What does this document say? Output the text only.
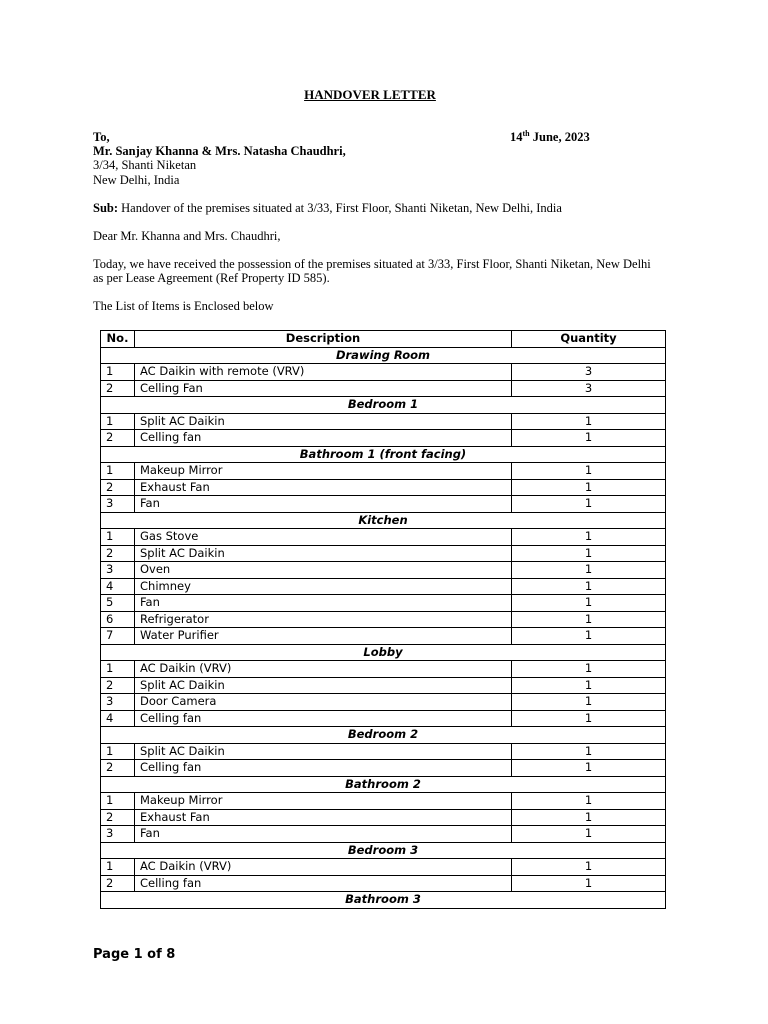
HANDOVER LETTER
To,	14th June, 2023
Mr. Sanjay Khanna & Mrs. Natasha Chaudhri,
3/34, Shanti Niketan
New Delhi, India
Sub: Handover of the premises situated at 3/33, First Floor, Shanti Niketan, New Delhi, India
Dear Mr. Khanna and Mrs. Chaudhri,
Today, we have received the possession of the premises situated at 3/33, First Floor, Shanti Niketan, New Delhi
as per Lease Agreement (Ref Property ID 585).
The List of Items is Enclosed below
No.	Description	Quantity
Drawing Room		
1	AC Daikin with remote (VRV)	3
2	Celling Fan	3
Bedroom 1		
1	Split AC Daikin	1
2	Celling fan	1
Bathroom 1 (front facing)		
1	Makeup Mirror	1
2	Exhaust Fan	1
3	Fan	1
Kitchen		
1	Gas Stove	1
2	Split AC Daikin	1
3	Oven	1
4	Chimney	1
5	Fan	1
6	Refrigerator	1
7	Water Purifier	1
Lobby		
1	AC Daikin (VRV)	1
2	Split AC Daikin	1
3	Door Camera	1
4	Celling fan	1
Bedroom 2		
1	Split AC Daikin	1
2	Celling fan	1
Bathroom 2		
1	Makeup Mirror	1
2	Exhaust Fan	1
3	Fan	1
Bedroom 3		
1	AC Daikin (VRV)	1
2	Celling fan	1
Bathroom 3		
Page 1 of 8
